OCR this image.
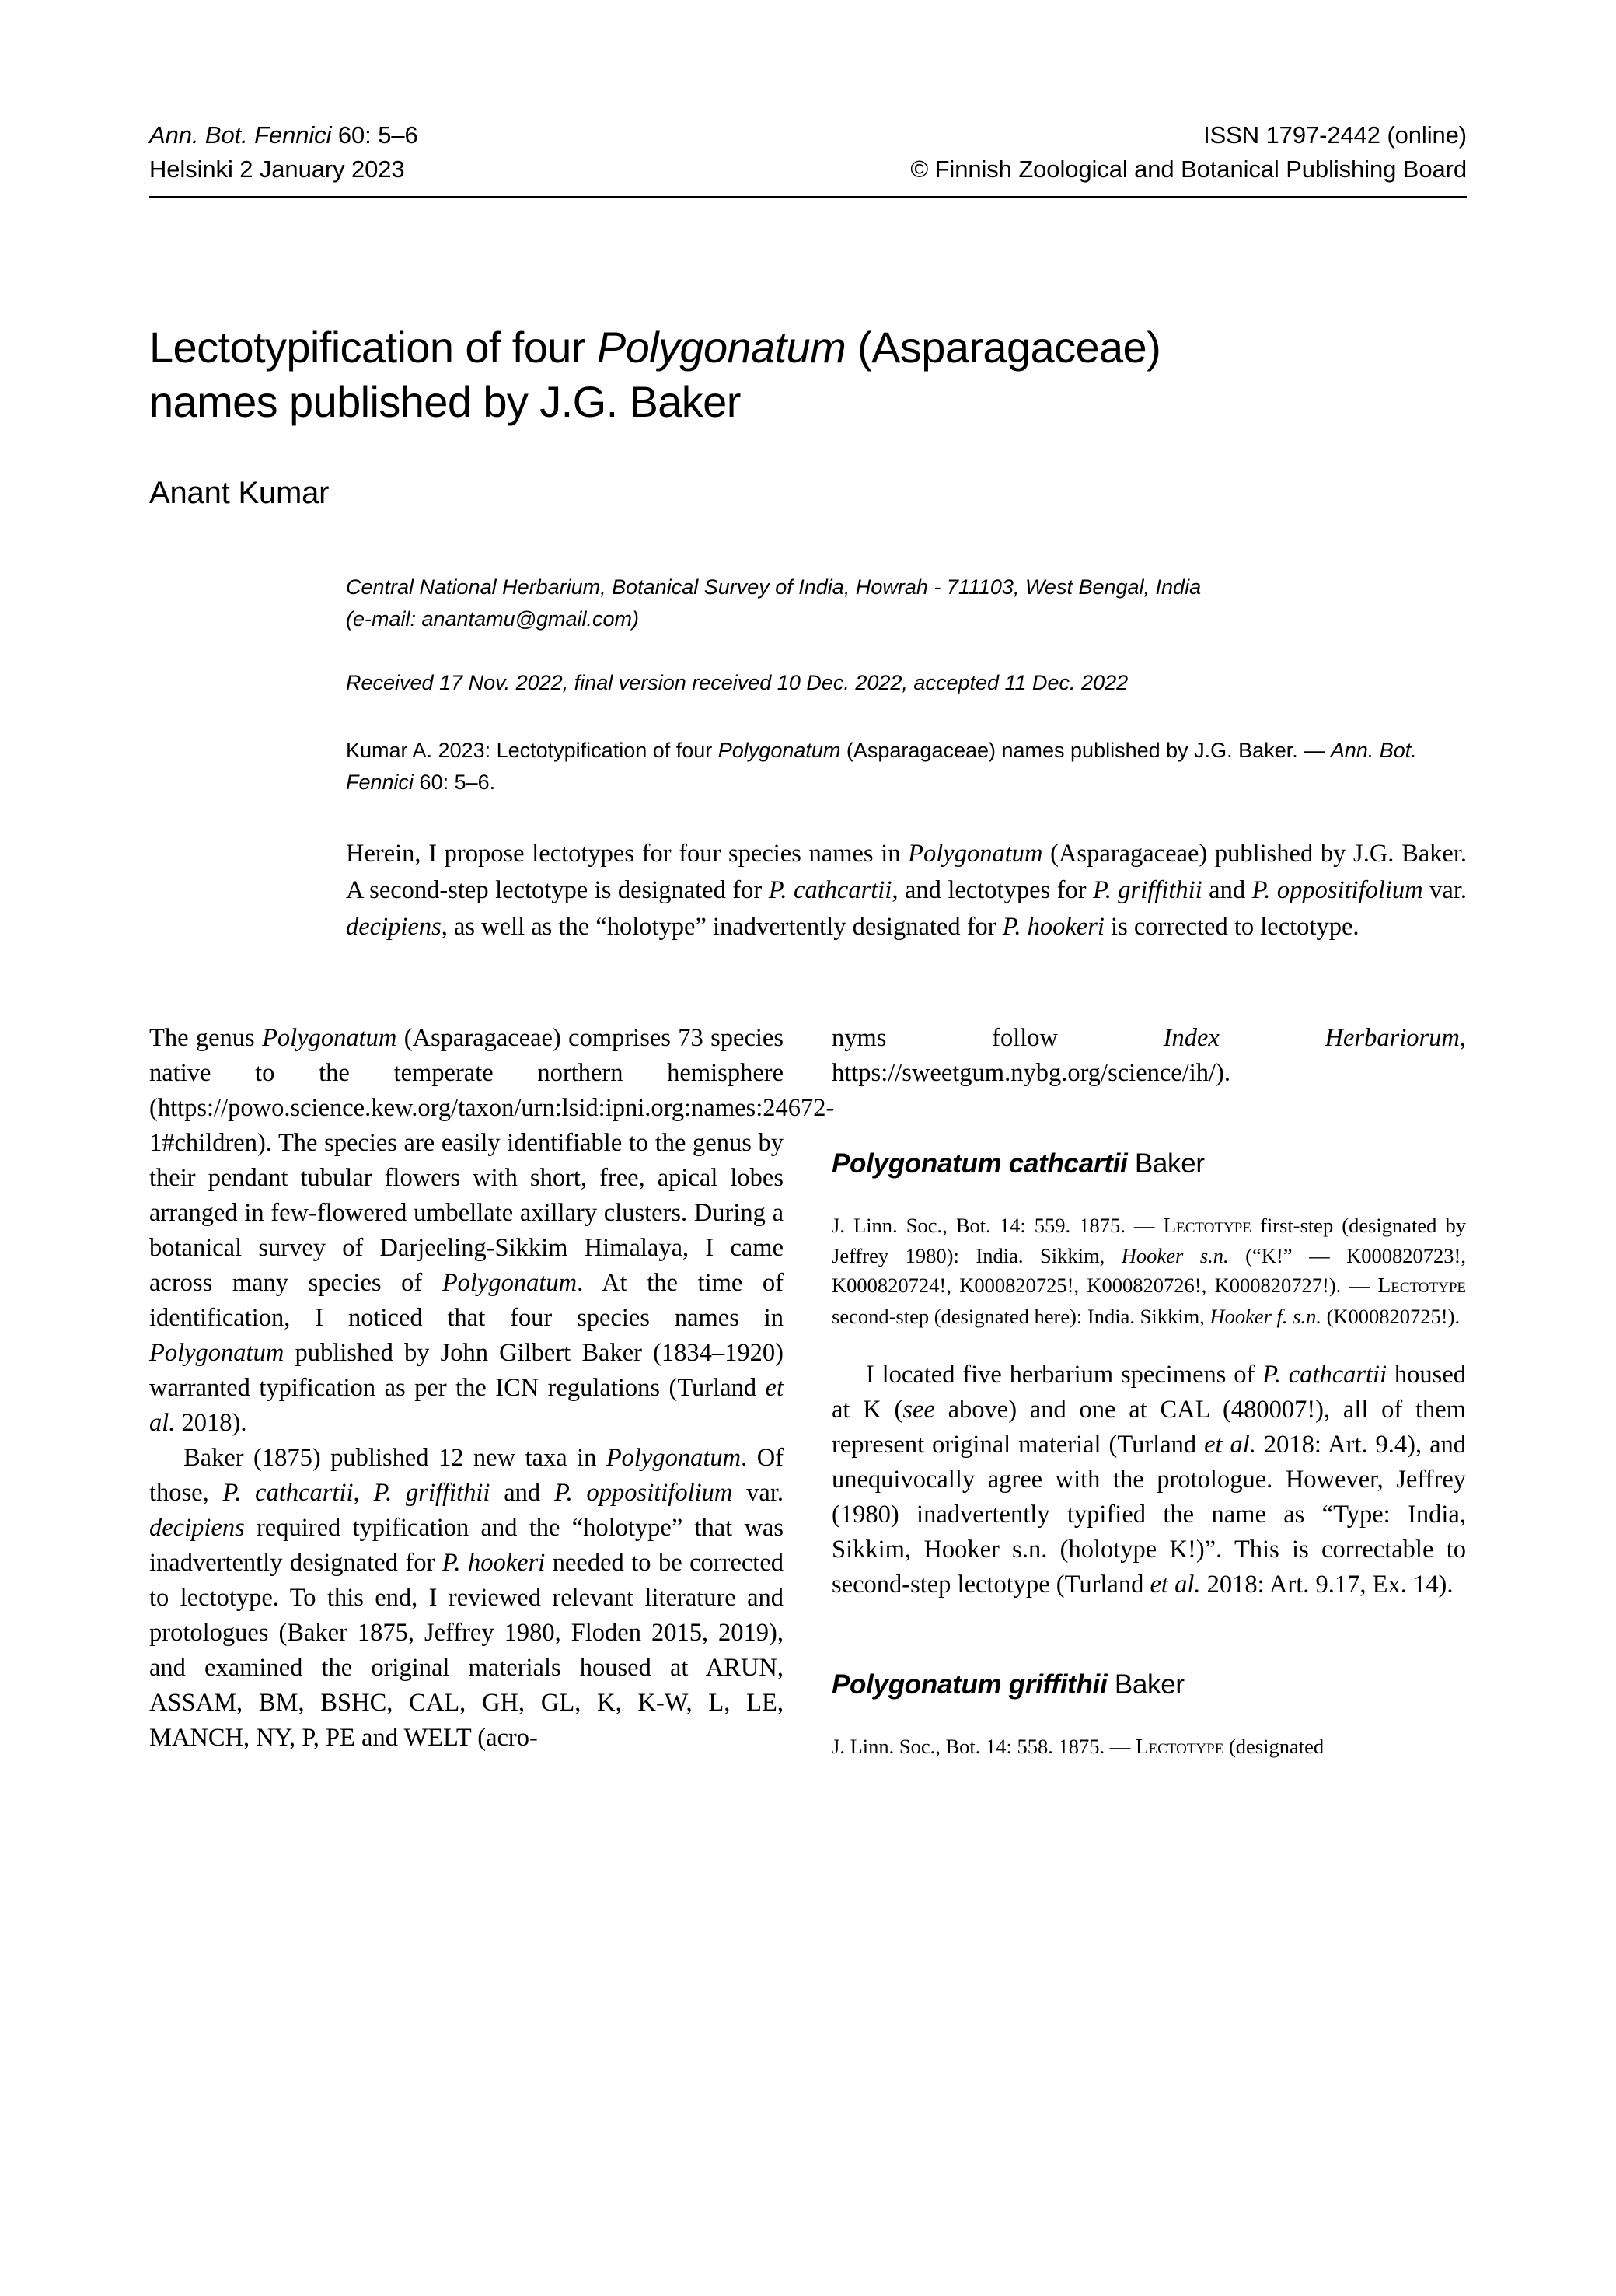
Ann. Bot. Fennici 60: 5–6	ISSN 1797-2442 (online)
Helsinki 2 January 2023	© Finnish Zoological and Botanical Publishing Board
Lectotypification of four Polygonatum (Asparagaceae)
names published by J.G. Baker
Anant Kumar
Central National Herbarium, Botanical Survey of India, Howrah - 711103, West Bengal, India
(e-mail: anantamu@gmail.com)
Received 17 Nov. 2022, final version received 10 Dec. 2022, accepted 11 Dec. 2022
Kumar A. 2023: Lectotypification of four Polygonatum (Asparagaceae) names published by J.G. Baker. — Ann. Bot. Fennici 60: 5–6.
Herein, I propose lectotypes for four species names in Polygonatum (Asparagaceae) published by J.G. Baker. A second-step lectotype is designated for P. cathcartii, and lectotypes for P. griffithii and P. oppositifolium var. decipiens, as well as the “holotype” inadvertently designated for P. hookeri is corrected to lectotype.

The genus Polygonatum (Asparagaceae) comprises 73 species native to the temperate northern hemisphere (https://powo.science.kew.org/taxon/urn:lsid:ipni.org:names:24672-1#children). The species are easily identifiable to the genus by their pendant tubular flowers with short, free, apical lobes arranged in few-flowered umbellate axillary clusters. During a botanical survey of Darjeeling-Sikkim Himalaya, I came across many species of Polygonatum. At the time of identification, I noticed that four species names in Polygonatum published by John Gilbert Baker (1834–1920) warranted typification as per the ICN regulations (Turland et al. 2018).

Baker (1875) published 12 new taxa in Polygonatum. Of those, P. cathcartii, P. griffithii and P. oppositifolium var. decipiens required typification and the “holotype” that was inadvertently designated for P. hookeri needed to be corrected to lectotype. To this end, I reviewed relevant literature and protologues (Baker 1875, Jeffrey 1980, Floden 2015, 2019), and examined the original materials housed at ARUN, ASSAM, BM, BSHC, CAL, GH, GL, K, K-W, L, LE, MANCH, NY, P, PE and WELT (acro-

nyms follow Index Herbariorum, https://sweetgum.nybg.org/science/ih/).

Polygonatum cathcartii Baker

J. Linn. Soc., Bot. 14: 559. 1875. — Lectotype first-step (designated by Jeffrey 1980): India. Sikkim, Hooker s.n. (“K!” — K000820723!, K000820724!, K000820725!, K000820726!, K000820727!). — Lectotype second-step (designated here): India. Sikkim, Hooker f. s.n. (K000820725!).

I located five herbarium specimens of P. cathcartii housed at K (see above) and one at CAL (480007!), all of them represent original material (Turland et al. 2018: Art. 9.4), and unequivocally agree with the protologue. However, Jeffrey (1980) inadvertently typified the name as “Type: India, Sikkim, Hooker s.n. (holotype K!)”. This is correctable to second-step lectotype (Turland et al. 2018: Art. 9.17, Ex. 14).

Polygonatum griffithii Baker

J. Linn. Soc., Bot. 14: 558. 1875. — Lectotype (designated
